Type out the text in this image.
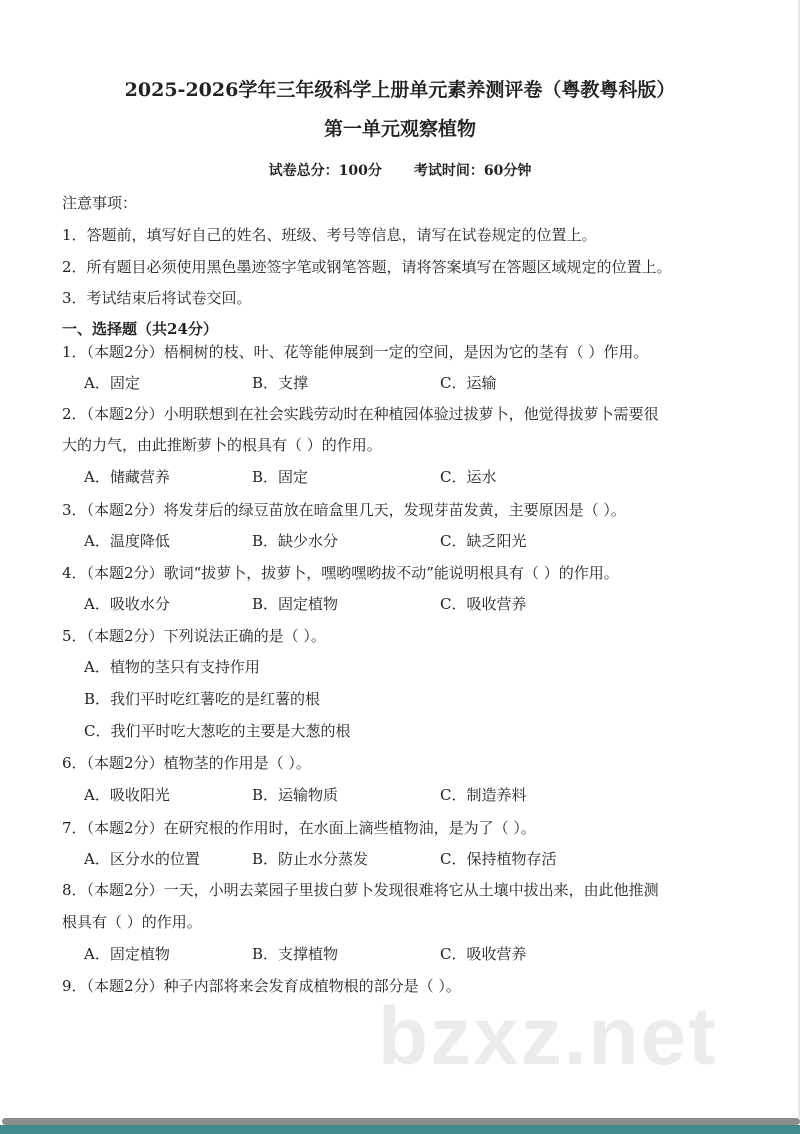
2025-2026学年三年级科学上册单元素养测评卷（粤教粤科版）
第一单元观察植物
试卷总分：100分 考试时间：60分钟
注意事项：
1．答题前，填写好自己的姓名、班级、考号等信息，请写在试卷规定的位置上。
2．所有题目必须使用黑色墨迹签字笔或钢笔答题，请将答案填写在答题区域规定的位置上。
3．考试结束后将试卷交回。
一、选择题（共24分）
1．（本题2分）梧桐树的枝、叶、花等能伸展到一定的空间，是因为它的茎有（ ）作用。
A．固定	B．支撑	C．运输
2．（本题2分）小明联想到在社会实践劳动时在种植园体验过拔萝卜，他觉得拔萝卜需要很
大的力气，由此推断萝卜的根具有（ ）的作用。
A．储藏营养	B．固定	C．运水
3．（本题2分）将发芽后的绿豆苗放在暗盒里几天，发现芽苗发黄，主要原因是（ ）。
A．温度降低	B．缺少水分	C．缺乏阳光
4．（本题2分）歌词“拔萝卜，拔萝卜，嘿哟嘿哟拔不动”能说明根具有（ ）的作用。
A．吸收水分	B．固定植物	C．吸收营养
5．（本题2分）下列说法正确的是（ ）。
A．植物的茎只有支持作用
B．我们平时吃红薯吃的是红薯的根
C．我们平时吃大葱吃的主要是大葱的根
6．（本题2分）植物茎的作用是（ ）。
A．吸收阳光	B．运输物质	C．制造养料
7．（本题2分）在研究根的作用时，在水面上滴些植物油，是为了（ ）。
A．区分水的位置	B．防止水分蒸发	C．保持植物存活
8．（本题2分）一天，小明去菜园子里拔白萝卜发现很难将它从土壤中拔出来，由此他推测
根具有（ ）的作用。
A．固定植物	B．支撑植物	C．吸收营养
9．（本题2分）种子内部将来会发育成植物根的部分是（ ）。
bzxz.net
